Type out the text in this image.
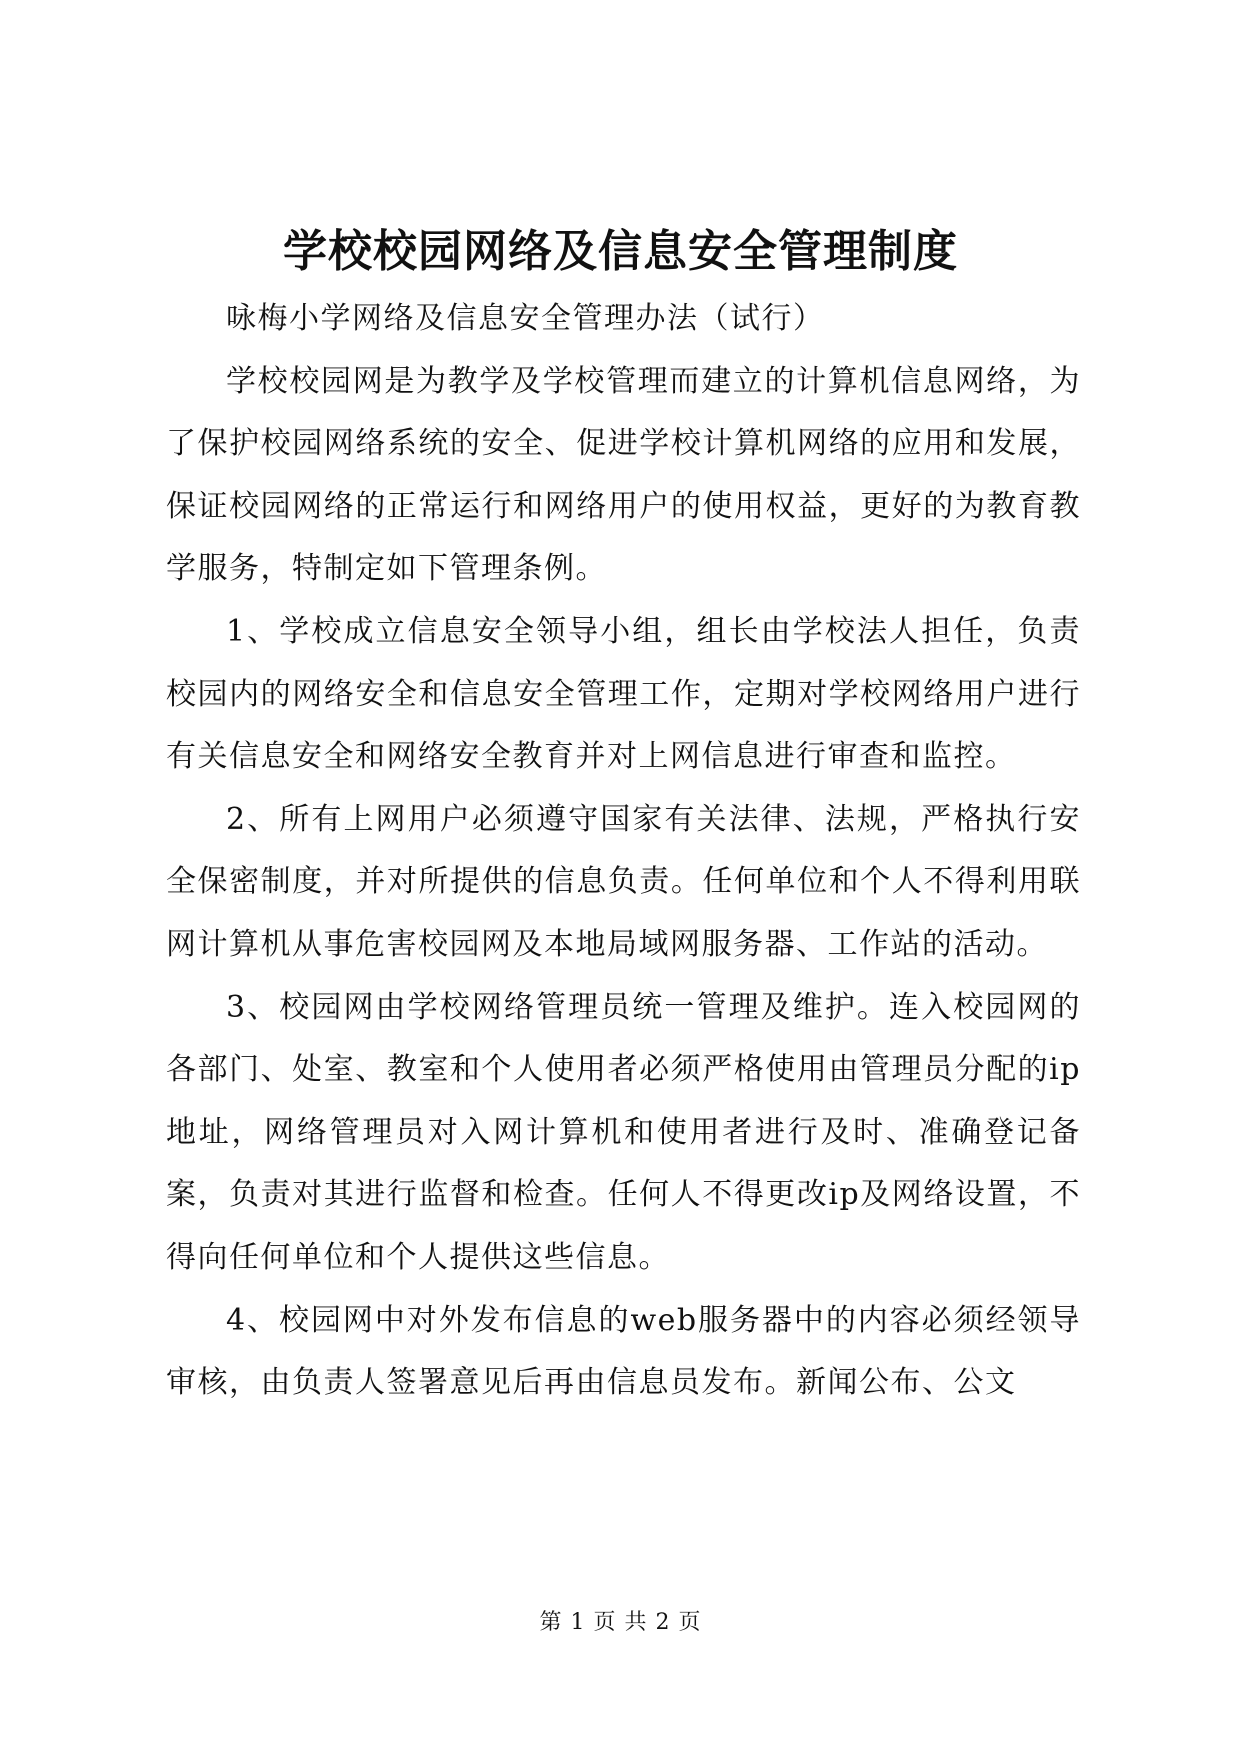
学校校园网络及信息安全管理制度

咏梅小学网络及信息安全管理办法（试行）

学校校园网是为教学及学校管理而建立的计算机信息网络，为了保护校园网络系统的安全、促进学校计算机网络的应用和发展，保证校园网络的正常运行和网络用户的使用权益，更好的为教育教学服务，特制定如下管理条例。

1、学校成立信息安全领导小组，组长由学校法人担任，负责校园内的网络安全和信息安全管理工作，定期对学校网络用户进行有关信息安全和网络安全教育并对上网信息进行审查和监控。

2、所有上网用户必须遵守国家有关法律、法规，严格执行安全保密制度，并对所提供的信息负责。任何单位和个人不得利用联网计算机从事危害校园网及本地局域网服务器、工作站的活动。

3、校园网由学校网络管理员统一管理及维护。连入校园网的各部门、处室、教室和个人使用者必须严格使用由管理员分配的ip地址，网络管理员对入网计算机和使用者进行及时、准确登记备案，负责对其进行监督和检查。任何人不得更改ip及网络设置，不得向任何单位和个人提供这些信息。

4、校园网中对外发布信息的web服务器中的内容必须经领导审核，由负责人签署意见后再由信息员发布。新闻公布、公文

第 1 页 共 2 页
